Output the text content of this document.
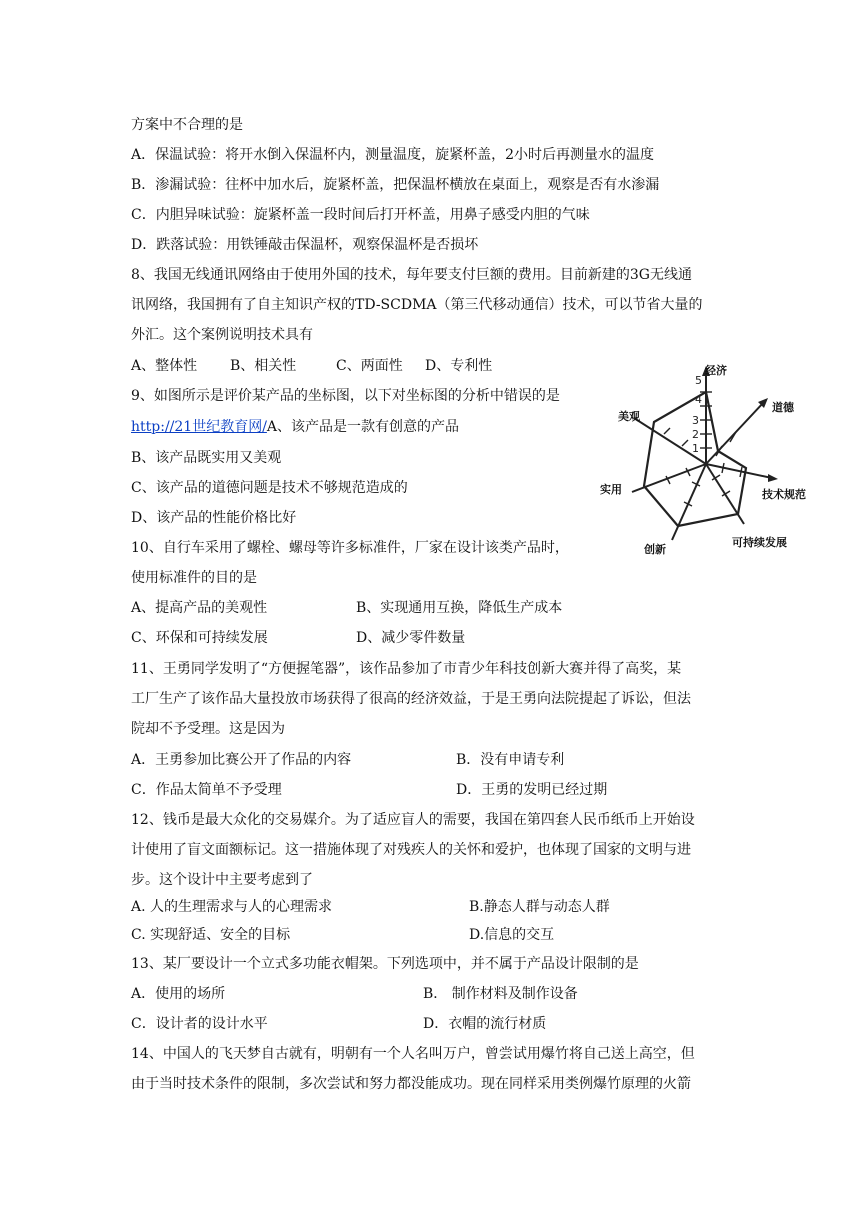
方案中不合理的是
A．保温试验：将开水倒入保温杯内，测量温度，旋紧杯盖，2小时后再测量水的温度
B．渗漏试验：往杯中加水后，旋紧杯盖，把保温杯横放在桌面上，观察是否有水渗漏
C．内胆异味试验：旋紧杯盖一段时间后打开杯盖，用鼻子感受内胆的气味
D．跌落试验：用铁锤敲击保温杯，观察保温杯是否损坏
8、我国无线通讯网络由于使用外国的技术，每年要支付巨额的费用。目前新建的3G无线通
讯网络，我国拥有了自主知识产权的TD-SCDMA（第三代移动通信）技术，可以节省大量的
外汇。这个案例说明技术具有
A、整体性 B、相关性	C、两面性 D、专利性
9、如图所示是评价某产品的坐标图，以下对坐标图的分析中错误的是
http://21世纪教育网/A、该产品是一款有创意的产品
B、该产品既实用又美观
C、该产品的道德问题是技术不够规范造成的
D、该产品的性能价格比好
1
2
3
4
5
经济
道德
技术规范
可持续发展
创新
实用
美观
10、自行车采用了螺栓、螺母等许多标准件，厂家在设计该类产品时，
使用标准件的目的是
A、提高产品的美观性	B、实现通用互换，降低生产成本
C、环保和可持续发展	D、减少零件数量
11、王勇同学发明了“方便握笔器”，该作品参加了市青少年科技创新大赛并得了高奖，某
工厂生产了该作品大量投放市场获得了很高的经济效益，于是王勇向法院提起了诉讼，但法
院却不予受理。这是因为
A．王勇参加比赛公开了作品的内容	B．没有申请专利
C．作品太简单不予受理	D．王勇的发明已经过期
12、钱币是最大众化的交易媒介。为了适应盲人的需要，我国在第四套人民币纸币上开始设
计使用了盲文面额标记。这一措施体现了对残疾人的关怀和爱护，也体现了国家的文明与进
步。这个设计中主要考虑到了
A. 人的生理需求与人的心理需求	B.静态人群与动态人群
C. 实现舒适、安全的目标	D.信息的交互
13、某厂要设计一个立式多功能衣帽架。下列选项中，并不属于产品设计限制的是
A．使用的场所	B． 制作材料及制作设备
C．设计者的设计水平	D．衣帽的流行材质
14、中国人的飞天梦自古就有，明朝有一个人名叫万户，曾尝试用爆竹将自己送上高空，但
由于当时技术条件的限制，多次尝试和努力都没能成功。现在同样采用类例爆竹原理的火箭
